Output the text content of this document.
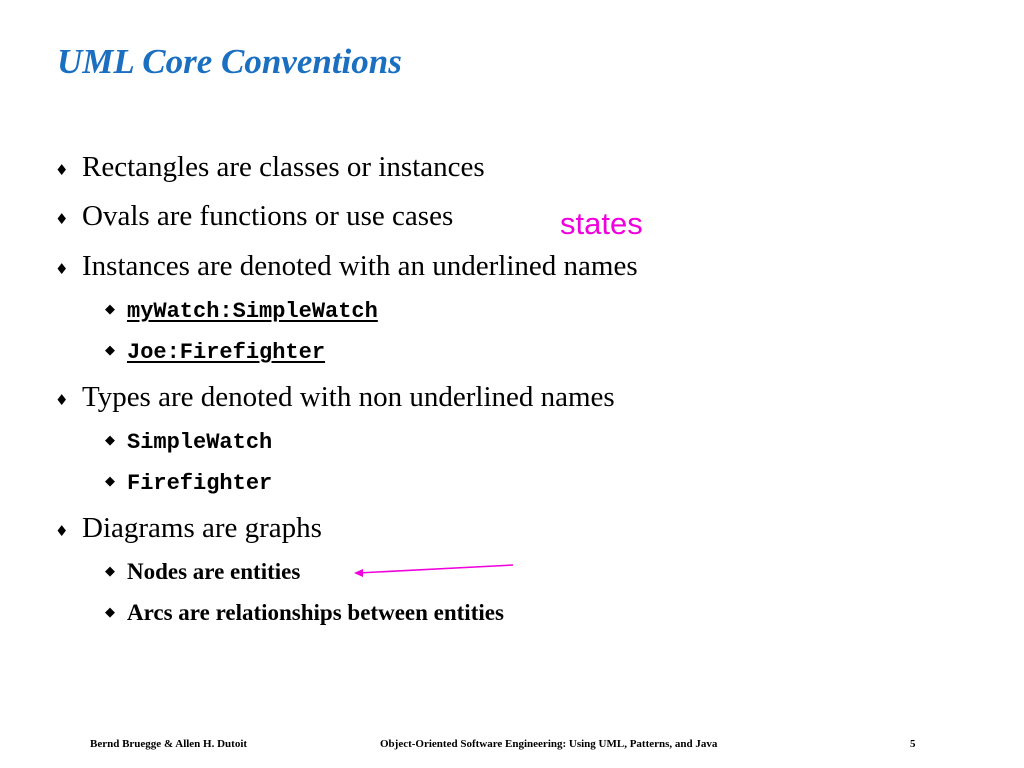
UML Core Conventions
♦ Rectangles are classes or instances
♦ Ovals are functions or use cases
♦ Instances are denoted with an underlined names
◆ myWatch:SimpleWatch
◆ Joe:Firefighter
♦ Types are denoted with non underlined names
◆ SimpleWatch
◆ Firefighter
♦ Diagrams are graphs
◆ Nodes are entities
◆ Arcs are relationships between entities
states
Bernd Bruegge & Allen H. Dutoit	Object-Oriented Software Engineering: Using UML, Patterns, and Java	5
